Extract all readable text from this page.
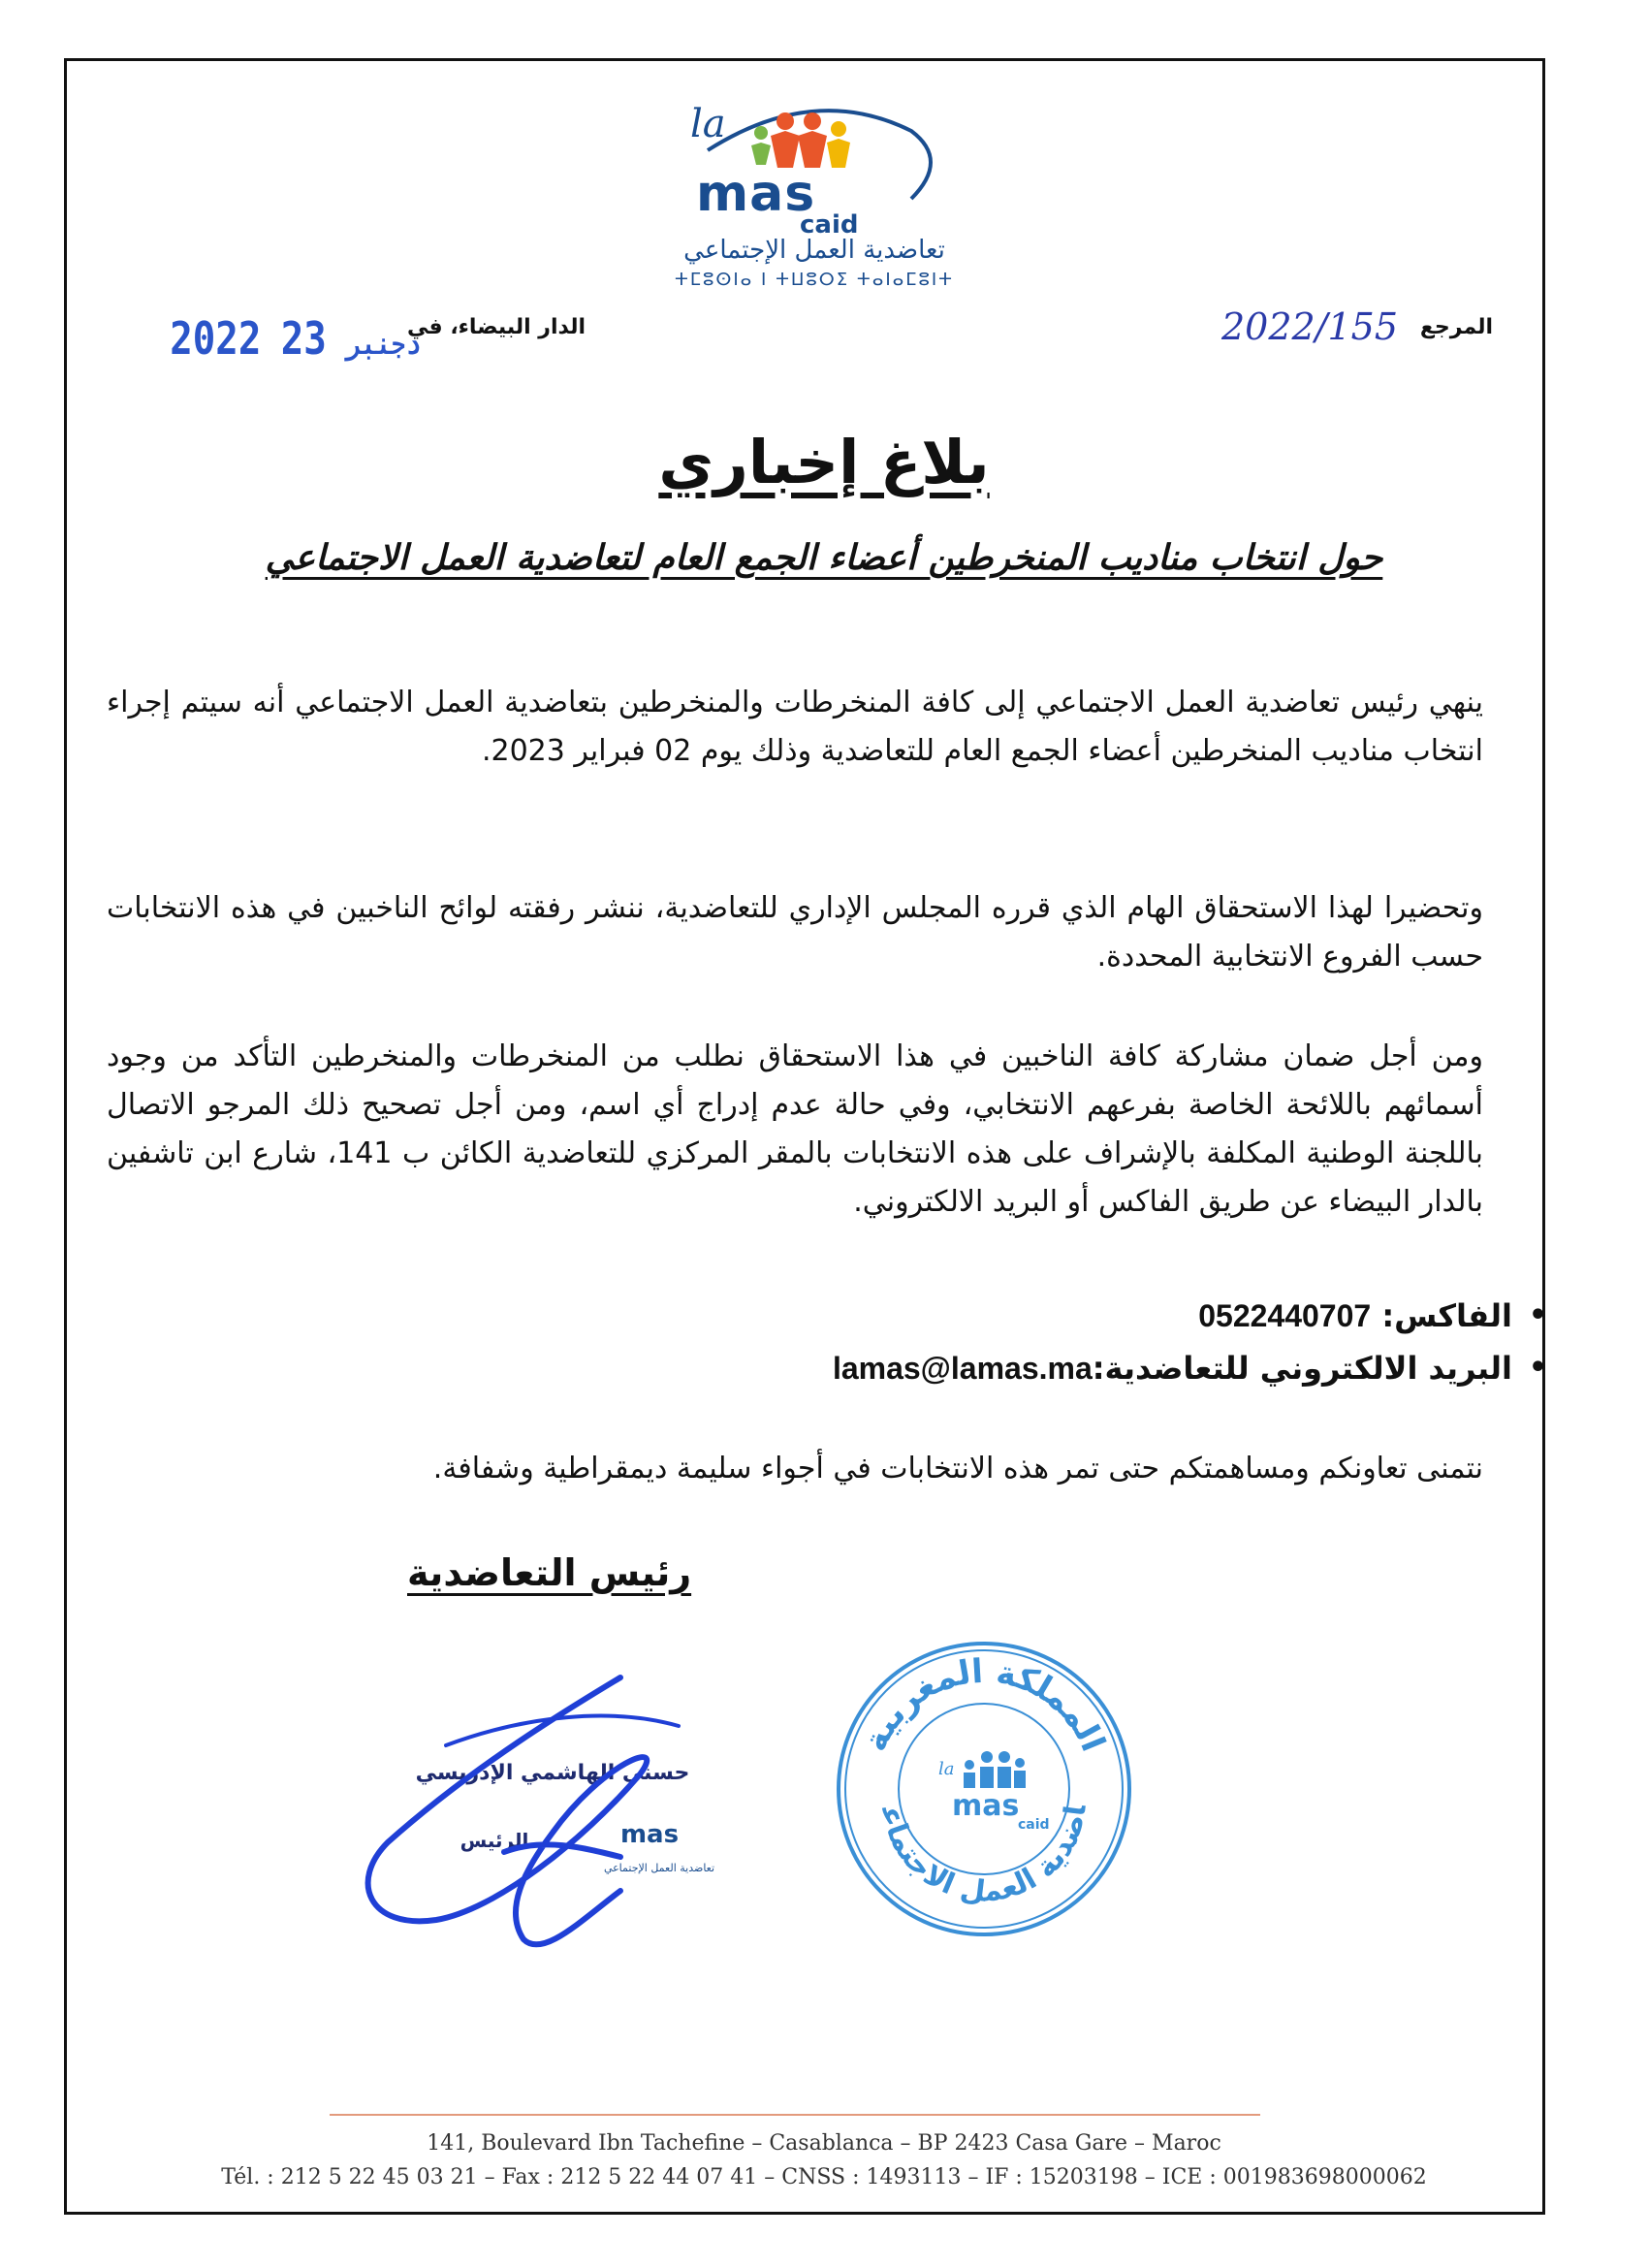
la
mas
caid
تعاضدية العمل الإجتماعي
ⵜⵎⵓⵙⵏⴰ ⵏ ⵜⵡⵓⵔⵉ ⵜⴰⵏⴰⵎⵓⵏⵜ
المرجع
2022/155
الدار البيضاء، في
2022	دجنبر23
بلاغ إخباري
حول انتخاب مناديب المنخرطين أعضاء الجمع العام لتعاضدية العمل الاجتماعي
ينهي رئيس تعاضدية العمل الاجتماعي إلى كافة المنخرطات والمنخرطين بتعاضدية العمل الاجتماعي أنه سيتم إجراء انتخاب مناديب المنخرطين أعضاء الجمع العام للتعاضدية وذلك يوم 02 فبراير 2023.
وتحضيرا لهذا الاستحقاق الهام الذي قرره المجلس الإداري للتعاضدية، ننشر رفقته لوائح الناخبين في هذه الانتخابات حسب الفروع الانتخابية المحددة.
ومن أجل ضمان مشاركة كافة الناخبين في هذا الاستحقاق نطلب من المنخرطات والمنخرطين التأكد من وجود أسمائهم باللائحة الخاصة بفرعهم الانتخابي، وفي حالة عدم إدراج أي اسم، ومن أجل تصحيح ذلك المرجو الاتصال باللجنة الوطنية المكلفة بالإشراف على هذه الانتخابات بالمقر المركزي للتعاضدية الكائن ب 141، شارع ابن تاشفين بالدار البيضاء عن طريق الفاكس أو البريد الالكتروني.
• الفاكس: 0522440707
• البريد الالكتروني للتعاضدية:lamas@lamas.ma
نتمنى تعاونكم ومساهمتكم حتى تمر هذه الانتخابات في أجواء سليمة ديمقراطية وشفافة.
رئيس التعاضدية
المملكة المغربية
اضدية العمل الاجتماعي
la
mas
caid
حسني الهاشمي الإدريسي
الرئيس	mas
تعاضدية العمل الإجتماعي
141, Boulevard Ibn Tachefine – Casablanca – BP 2423 Casa Gare – Maroc
Tél. : 212 5 22 45 03 21 – Fax : 212 5 22 44 07 41 – CNSS : 1493113 – IF : 15203198 – ICE : 001983698000062
